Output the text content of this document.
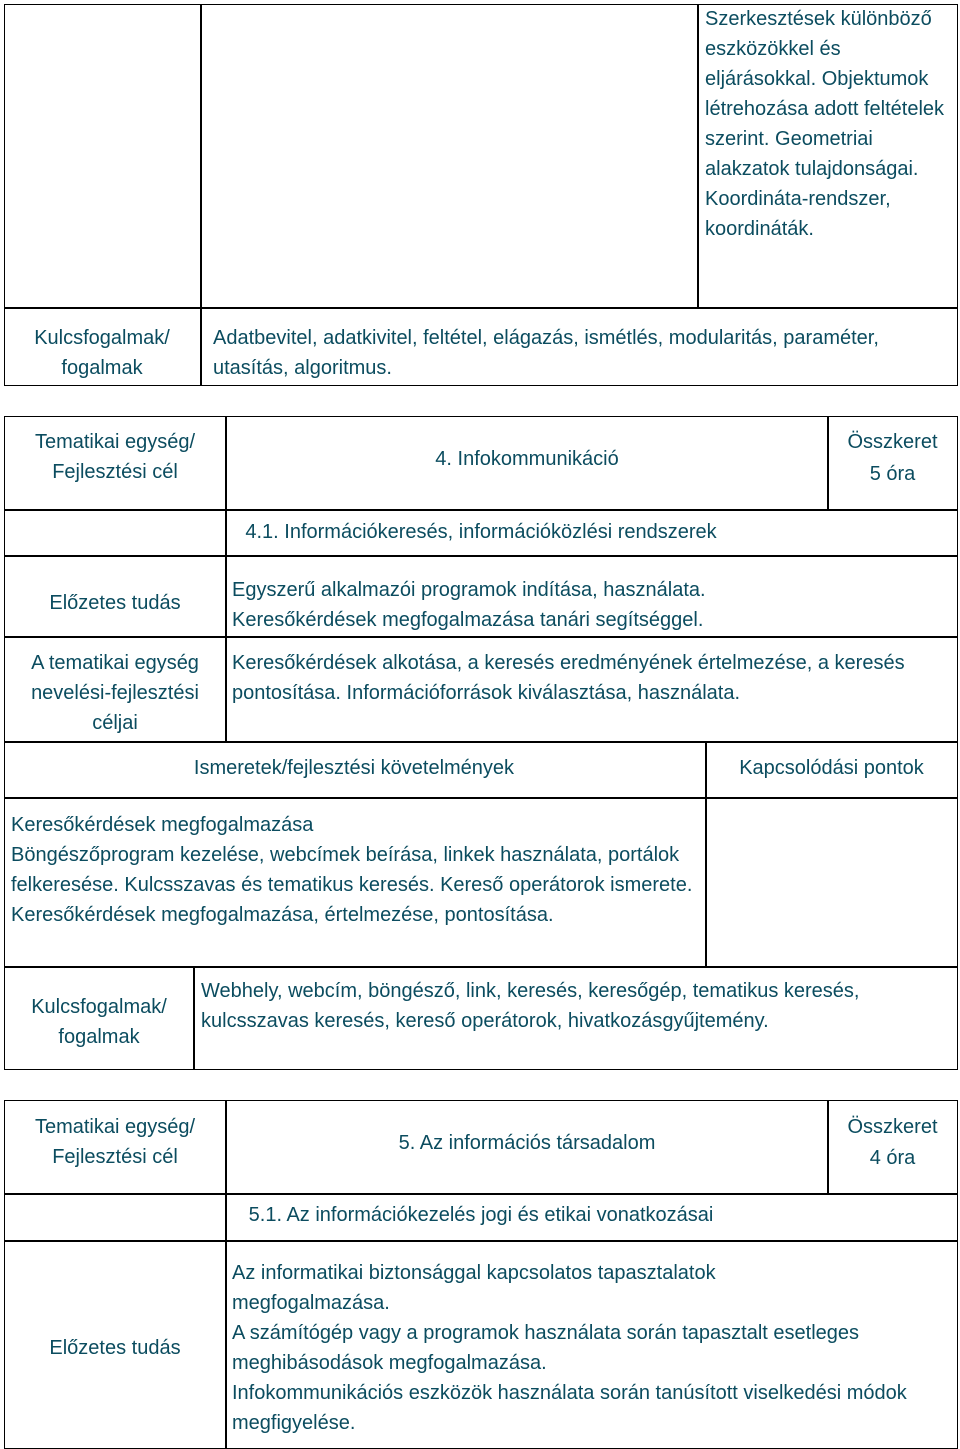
Szerkesztések különböző eszközökkel és eljárásokkal. Objektumok létrehozása adott feltételek szerint. Geometriai alakzatok tulajdonságai. Koordináta-rendszer, koordináták.
Kulcsfogalmak/ fogalmak
Adatbevitel, adatkivitel, feltétel, elágazás, ismétlés, modularitás, paraméter, utasítás, algoritmus.
Tematikai egység/ Fejlesztési cél
4. Infokommunikáció
Összkeret
5 óra
4.1. Információkeresés, információközlési rendszerek
Előzetes tudás
Egyszerű alkalmazói programok indítása, használata. Keresőkérdések megfogalmazása tanári segítséggel.
A tematikai egység nevelési-fejlesztési céljai
Keresőkérdések alkotása, a keresés eredményének értelmezése, a keresés pontosítása. Információforrások kiválasztása, használata.
Ismeretek/fejlesztési követelmények	Kapcsolódási pontok
Keresőkérdések megfogalmazása
Böngészőprogram kezelése, webcímek beírása, linkek használata, portálok felkeresése. Kulcsszavas és tematikus keresés. Kereső operátorok ismerete. Keresőkérdések megfogalmazása, értelmezése, pontosítása.
Kulcsfogalmak/ fogalmak
Webhely, webcím, böngésző, link, keresés, keresőgép, tematikus keresés, kulcsszavas keresés, kereső operátorok, hivatkozásgyűjtemény.
Tematikai egység/ Fejlesztési cél
5. Az információs társadalom
Összkeret
4 óra
5.1. Az információkezelés jogi és etikai vonatkozásai
Előzetes tudás
Az informatikai biztonsággal kapcsolatos tapasztalatok megfogalmazása.
A számítógép vagy a programok használata során tapasztalt esetleges meghibásodások megfogalmazása.
Infokommunikációs eszközök használata során tanúsított viselkedési módok megfigyelése.
